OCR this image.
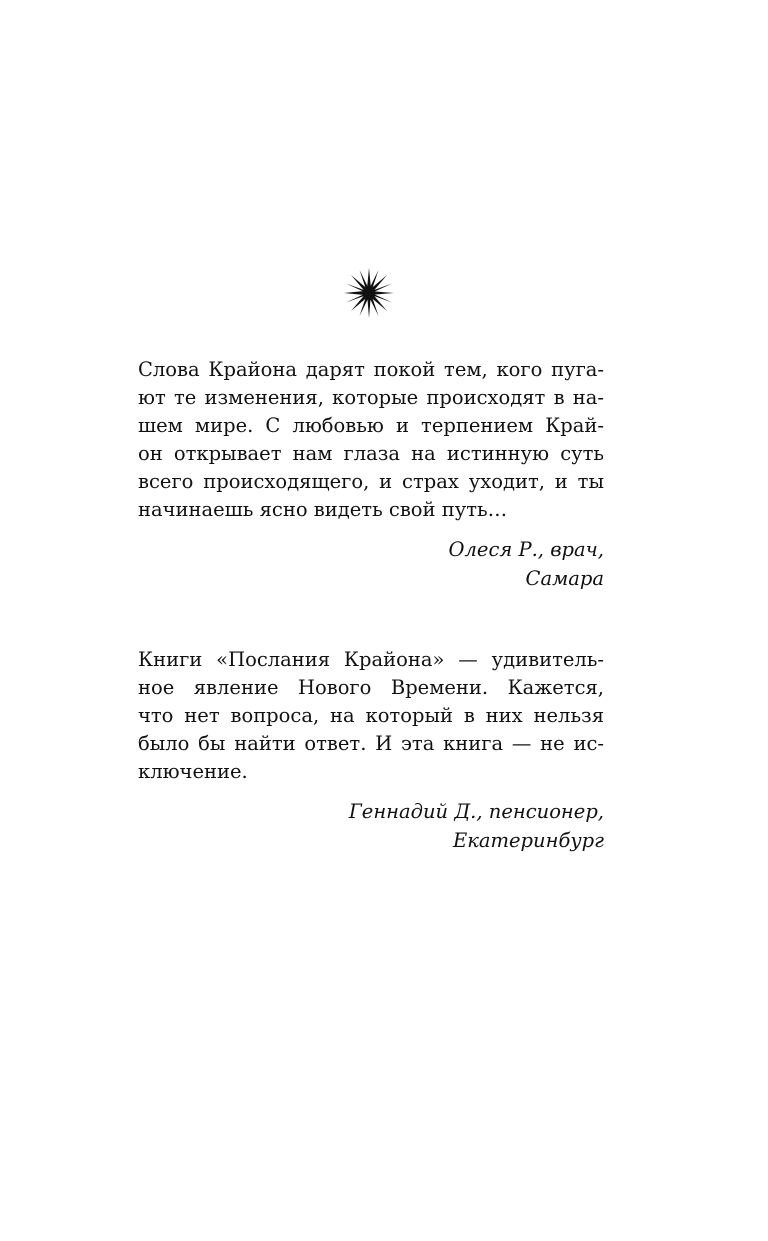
Слова Крайона дарят покой тем, кого пуга-
ют те изменения, которые происходят в на-
шем мире. С любовью и терпением Край-
он открывает нам глаза на истинную суть
всего происходящего, и страх уходит, и ты
начинаешь ясно видеть свой путь…
Олеся Р., врач,
Самара
Книги «Послания Крайона» — удивитель-
ное явление Нового Времени. Кажется,
что нет вопроса, на который в них нельзя
было бы найти ответ. И эта книга — не ис-
ключение.
Геннадий Д., пенсионер,
Екатеринбург
